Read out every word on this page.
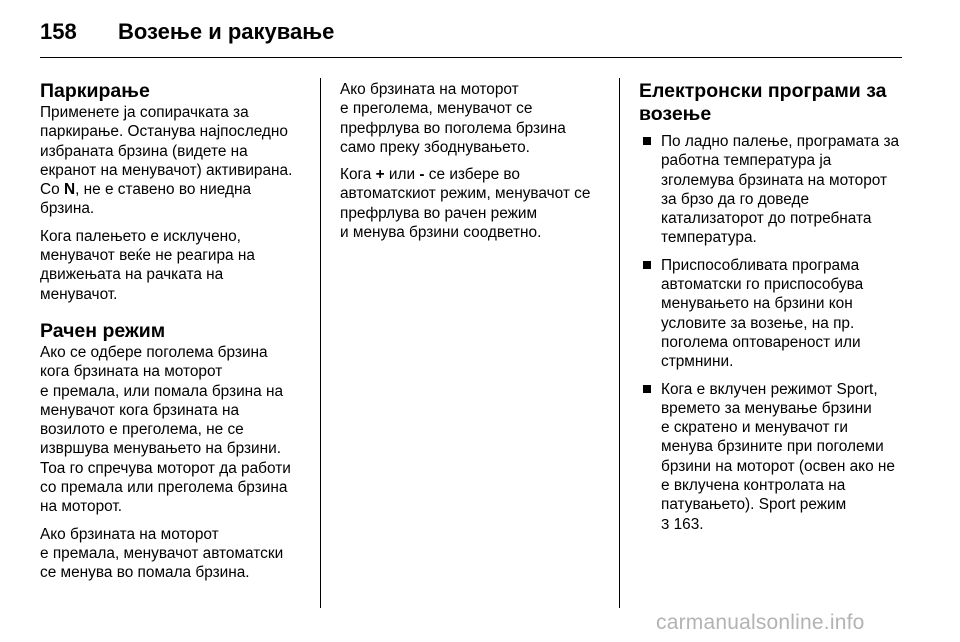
158 Возење и ракување
Паркирање

Применете ја сопирачката за
паркирање. Останува најпоследно
избраната брзина (видете на
екранот на менувачот) активирана.
Со N, не е ставено во ниедна
брзина.

Кога палењето е исклучено,
менувачот веќе не реагира на
движењата на рачката на
менувачот.

Рачен режим

Ако се одбере поголема брзина
кога брзината на моторот
е премала, или помала брзина на
менувачот кога брзината на
возилото е преголема, не се
извршува менувањето на брзини.
Тоа го спречува моторот да работи
со премала или преголема брзина
на моторот.

Ако брзината на моторот
е премала, менувачот автоматски
се менува во помала брзина.

Ако брзината на моторот
е преголема, менувачот се
префрлува во поголема брзина
само преку збоднувањето.

Кога + или - се избере во
автоматскиот режим, менувачот се
префрлува во рачен режим
и менува брзини соодветно.

Електронски програми за
возење
По ладно палење, програмата за
работна температура ја
зголемува брзината на моторот
за брзо да го доведе
катализаторот до потребната
температура.
Приспособливата програма
автоматски го приспособува
менувањето на брзини кон
условите за возење, на пр.
поголема оптовареност или
стрмнини.
Кога е вклучен режимот Sport,
времето за менување брзини
е скратено и менувачот ги
менува брзините при поголеми
брзини на моторот (освен ако не
е вклучена контролата на
патувањето). Sport режим
3 163.
carmanualsonline.info
